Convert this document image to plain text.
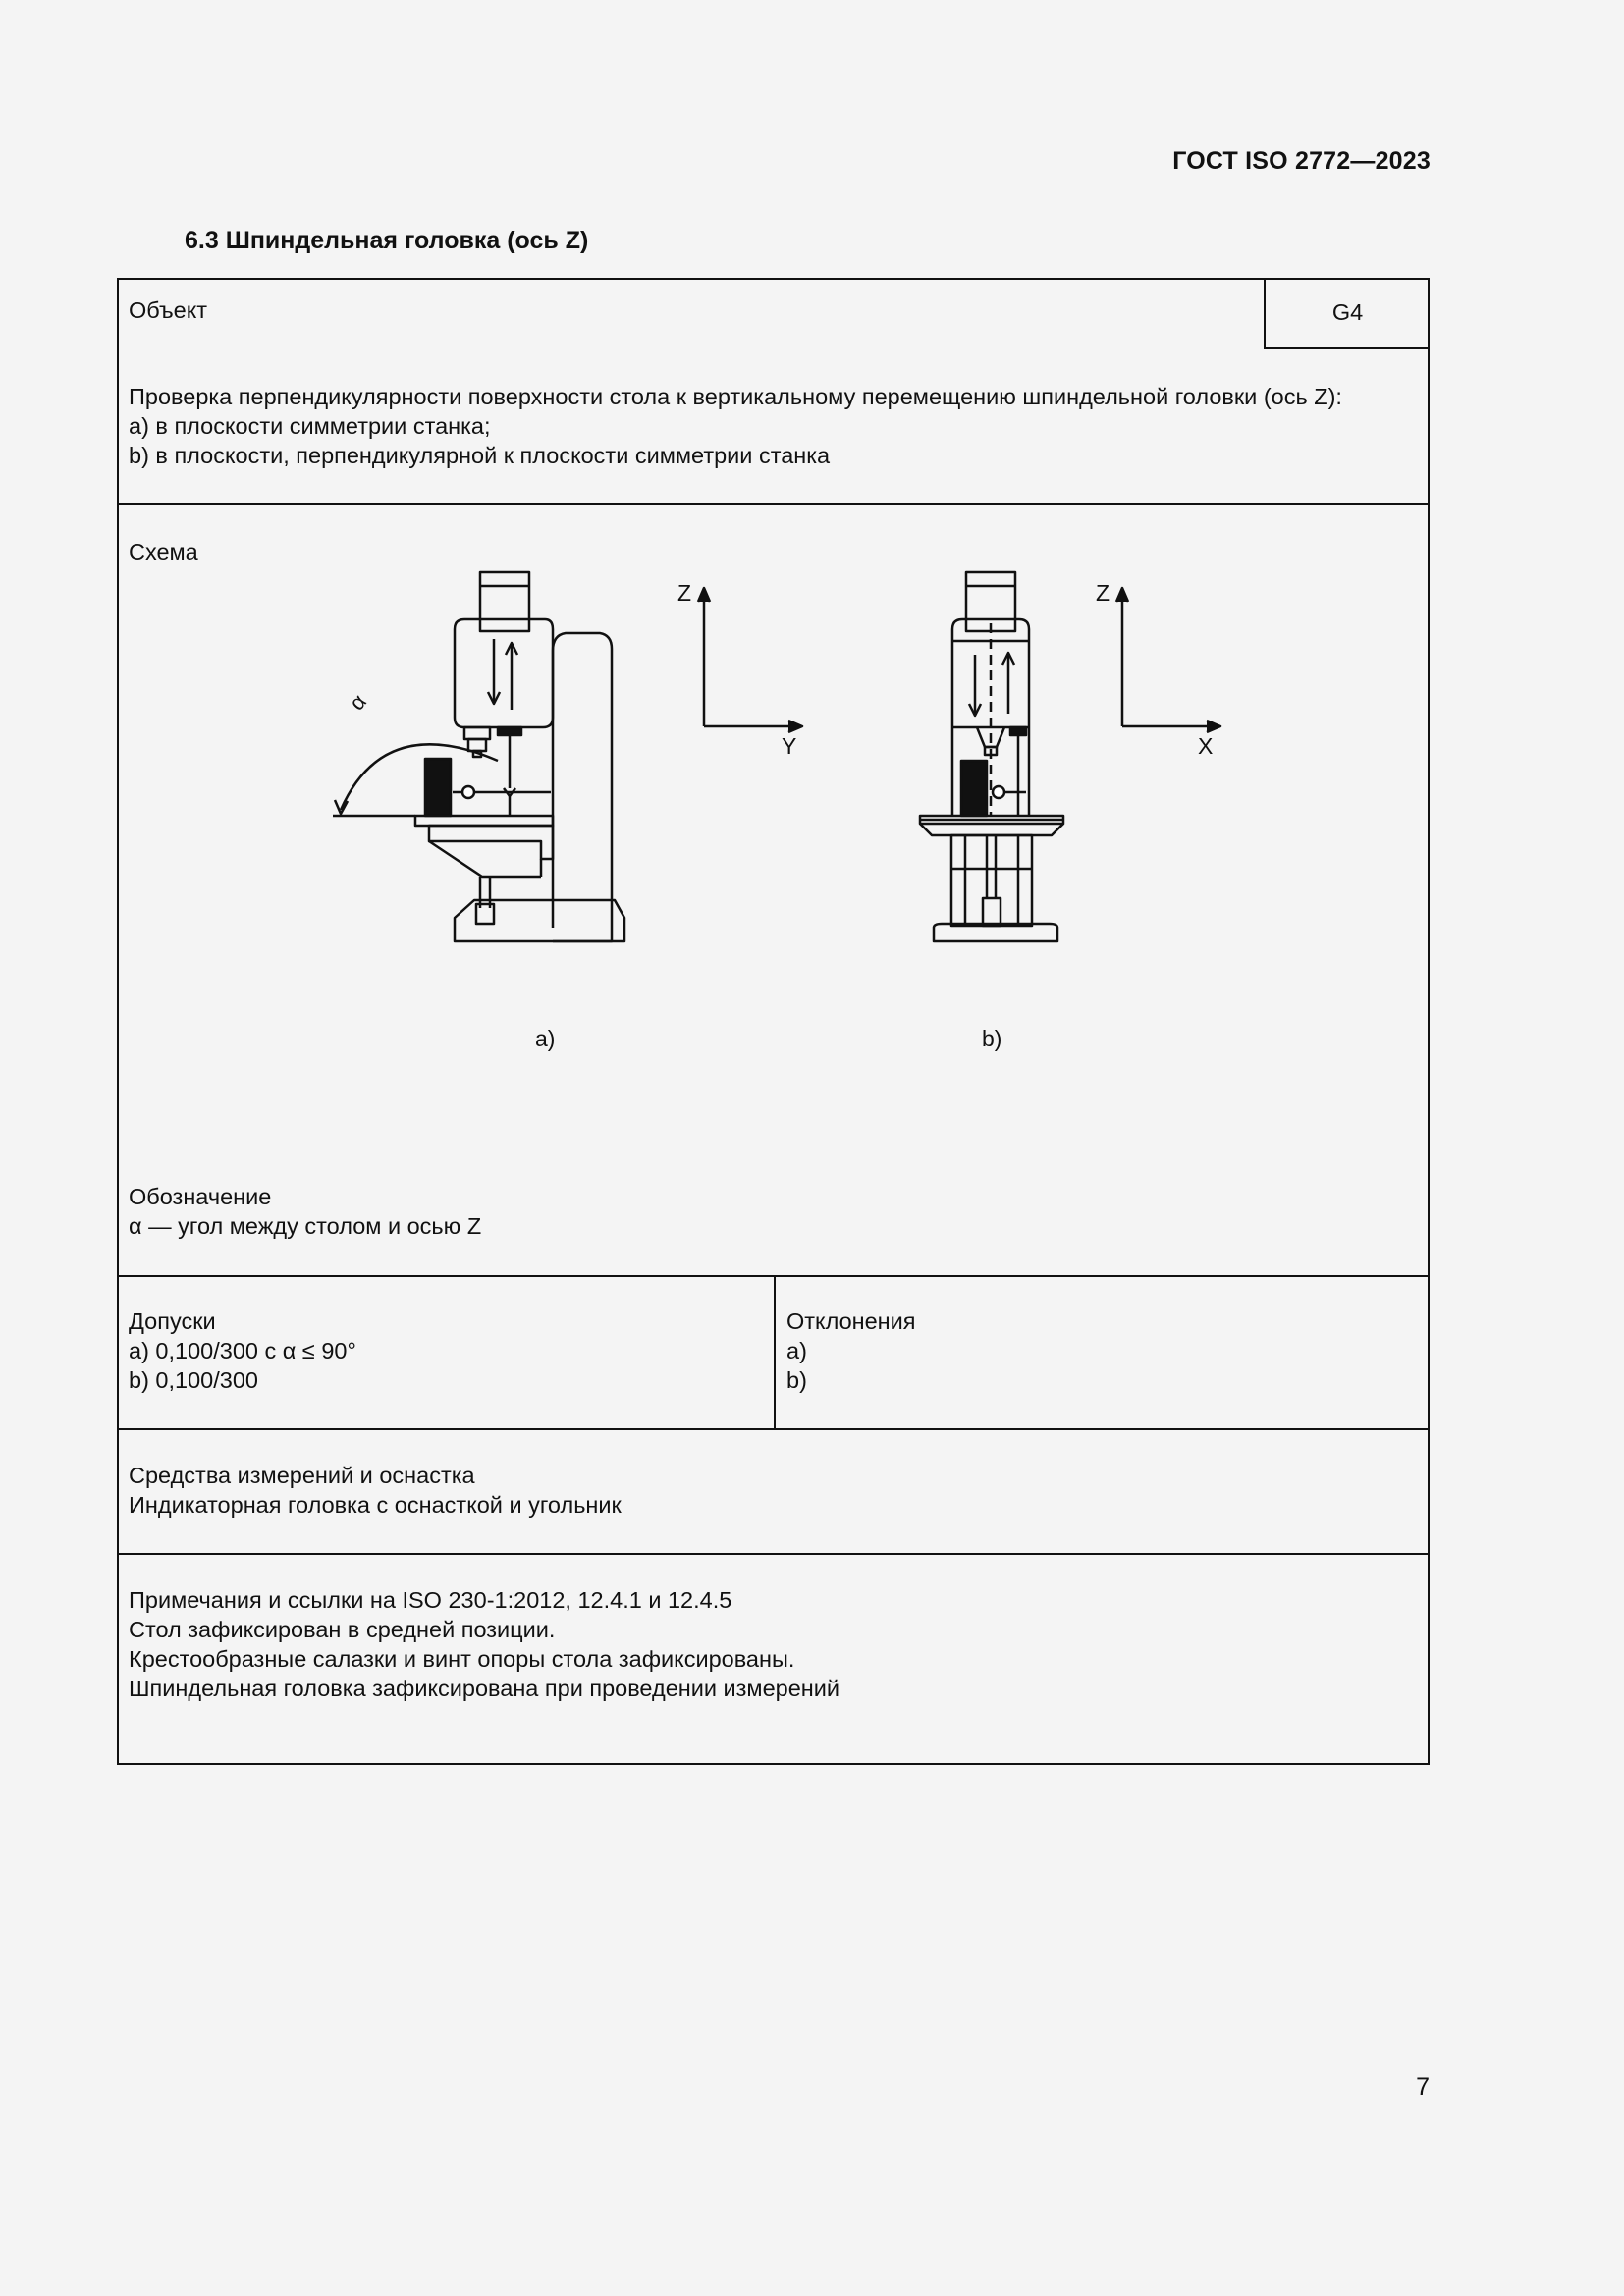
ГОСТ ISO 2772—2023
6.3 Шпиндельная головка (ось Z)
Объект	G4
Проверка перпендикулярности поверхности стола к вертикальному перемещению шпиндельной головки (ось Z):
a) в плоскости симметрии станка;
b) в плоскости, перпендикулярной к плоскости симметрии станка
Схема
α
Z
Y
Z
X
a)	b)
Обозначение
α — угол между столом и осью Z
Допуски
a) 0,100/300 с α ≤ 90°
b) 0,100/300
Отклонения
a)
b)
Средства измерений и оснастка
Индикаторная головка с оснасткой и угольник
Примечания и ссылки на ISO 230-1:2012, 12.4.1 и 12.4.5
Стол зафиксирован в средней позиции.
Крестообразные салазки и винт опоры стола зафиксированы.
Шпиндельная головка зафиксирована при проведении измерений
7
